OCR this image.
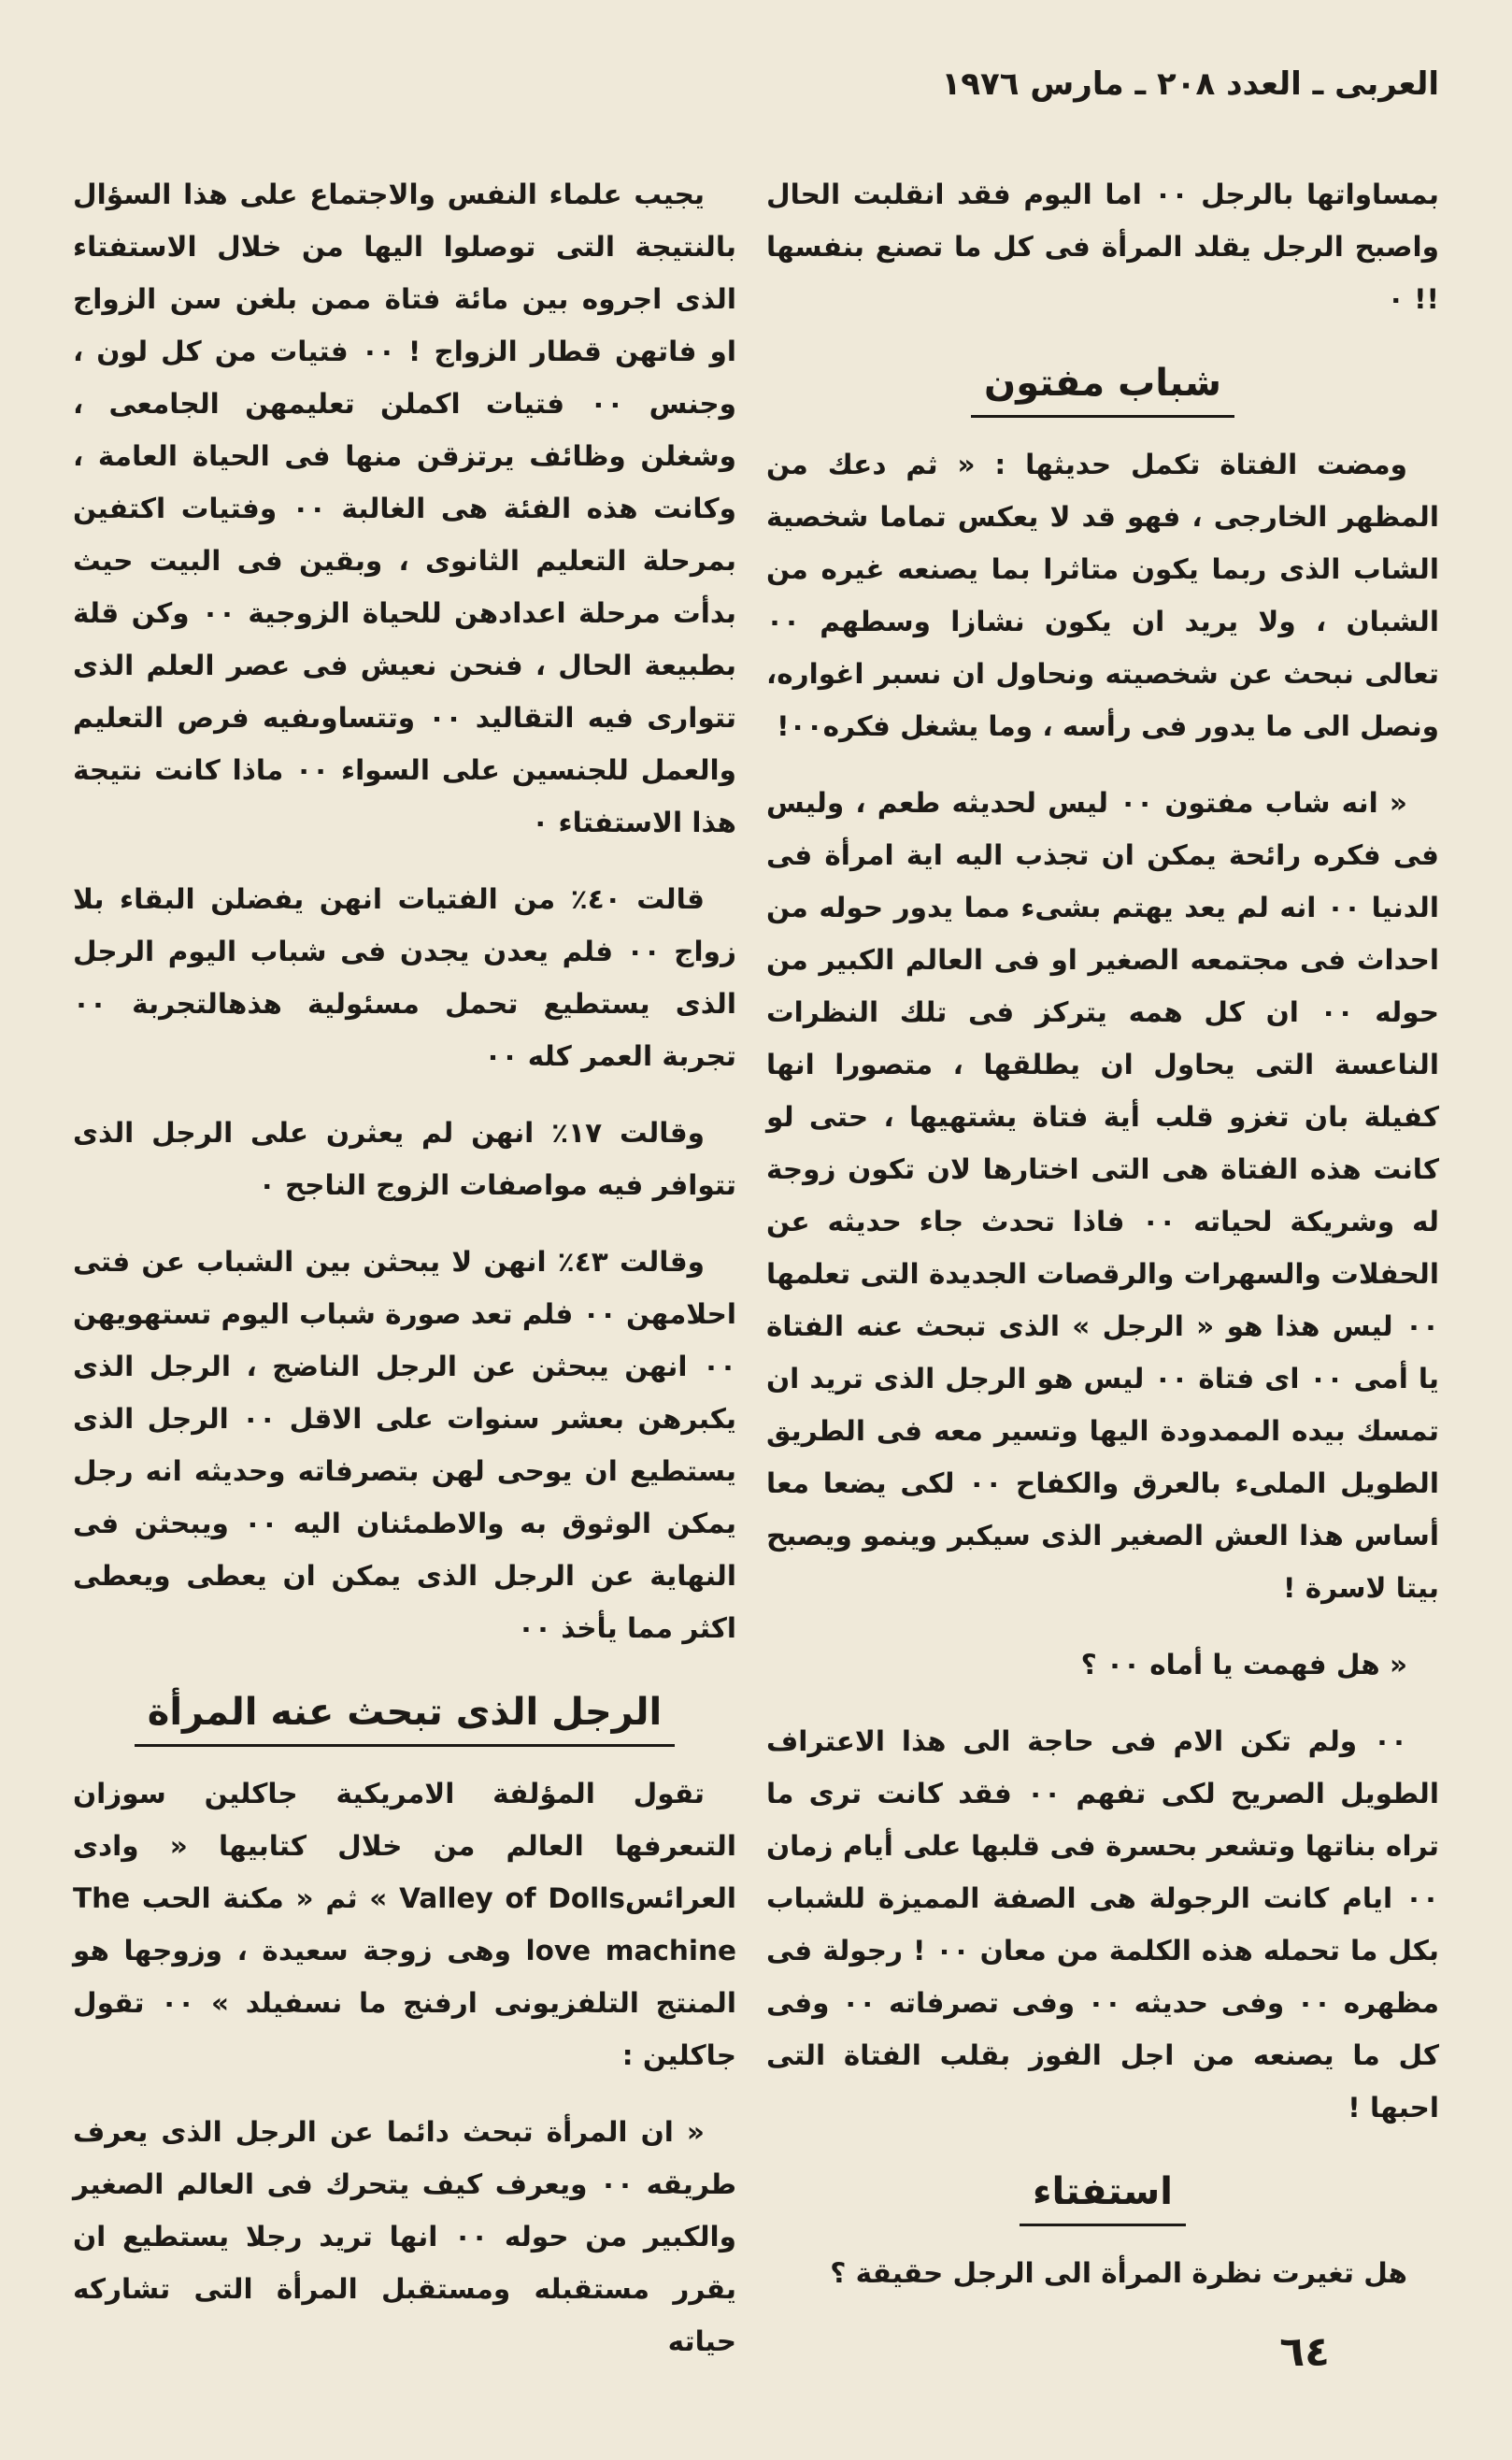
العربى ـ العدد ٢٠٨ ـ مارس ١٩٧٦

بمساواتها بالرجل ٠٠ اما اليوم فقد انقلبت الحال واصبح الرجل يقلد المرأة فى كل ما تصنع بنفسها !! ٠

شباب مفتون

ومضت الفتاة تكمل حديثها : « ثم دعك من المظهر الخارجى ، فهو قد لا يعكس تماما شخصية الشاب الذى ربما يكون متاثرا بما يصنعه غيره من الشبان ، ولا يريد ان يكون نشازا وسطهم ٠٠ تعالى نبحث عن شخصيته ونحاول ان نسبر اغواره، ونصل الى ما يدور فى رأسه ، وما يشغل فكره٠٠!

« انه شاب مفتون ٠٠ ليس لحديثه طعم ، وليس فى فكره رائحة يمكن ان تجذب اليه اية امرأة فى الدنيا ٠٠ انه لم يعد يهتم بشىء مما يدور حوله من احداث فى مجتمعه الصغير او فى العالم الكبير من حوله ٠٠ ان كل همه يتركز فى تلك النظرات الناعسة التى يحاول ان يطلقها ، متصورا انها كفيلة بان تغزو قلب أية فتاة يشتهيها ، حتى لو كانت هذه الفتاة هى التى اختارها لان تكون زوجة له وشريكة لحياته ٠٠ فاذا تحدث جاء حديثه عن الحفلات والسهرات والرقصات الجديدة التى تعلمها ٠٠ ليس هذا هو « الرجل » الذى تبحث عنه الفتاة يا أمى ٠٠ اى فتاة ٠٠ ليس هو الرجل الذى تريد ان تمسك بيده الممدودة اليها وتسير معه فى الطريق الطويل الملىء بالعرق والكفاح ٠٠ لكى يضعا معا أساس هذا العش الصغير الذى سيكبر وينمو ويصبح بيتا لاسرة !

« هل فهمت يا أماه ٠٠ ؟

٠٠ ولم تكن الام فى حاجة الى هذا الاعتراف الطويل الصريح لكى تفهم ٠٠ فقد كانت ترى ما تراه بناتها وتشعر بحسرة فى قلبها على أيام زمان ٠٠ ايام كانت الرجولة هى الصفة المميزة للشباب بكل ما تحمله هذه الكلمة من معان ٠٠ ! رجولة فى مظهره ٠٠ وفى حديثه ٠٠ وفى تصرفاته ٠٠ وفى كل ما يصنعه من اجل الفوز بقلب الفتاة التى احبها !

استفتاء

هل تغيرت نظرة المرأة الى الرجل حقيقة ؟

يجيب علماء النفس والاجتماع على هذا السؤال بالنتيجة التى توصلوا اليها من خلال الاستفتاء الذى اجروه بين مائة فتاة ممن بلغن سن الزواج او فاتهن قطار الزواج ! ٠٠ فتيات من كل لون ، وجنس ٠٠ فتيات اكملن تعليمهن الجامعى ، وشغلن وظائف يرتزقن منها فى الحياة العامة ، وكانت هذه الفئة هى الغالبة ٠٠ وفتيات اكتفين بمرحلة التعليم الثانوى ، وبقين فى البيت حيث بدأت مرحلة اعدادهن للحياة الزوجية ٠٠ وكن قلة بطبيعة الحال ، فنحن نعيش فى عصر العلم الذى تتوارى فيه التقاليد ٠٠ وتتساوىفيه فرص التعليم والعمل للجنسين على السواء ٠٠ ماذا كانت نتيجة هذا الاستفتاء ٠

قالت ٤٠٪ من الفتيات انهن يفضلن البقاء بلا زواج ٠٠ فلم يعدن يجدن فى شباب اليوم الرجل الذى يستطيع تحمل مسئولية هذهالتجربة ٠٠ تجربة العمر كله ٠٠

وقالت ١٧٪ انهن لم يعثرن على الرجل الذى تتوافر فيه مواصفات الزوج الناجح ٠

وقالت ٤٣٪ انهن لا يبحثن بين الشباب عن فتى احلامهن ٠٠ فلم تعد صورة شباب اليوم تستهويهن ٠٠ انهن يبحثن عن الرجل الناضج ، الرجل الذى يكبرهن بعشر سنوات على الاقل ٠٠ الرجل الذى يستطيع ان يوحى لهن بتصرفاته وحديثه انه رجل يمكن الوثوق به والاطمئنان اليه ٠٠ ويبحثن فى النهاية عن الرجل الذى يمكن ان يعطى ويعطى اكثر مما يأخذ ٠٠

الرجل الذى تبحث عنه المرأة

تقول المؤلفة الامريكية جاكلين سوزان التىعرفها العالم من خلال كتابيها « وادى العرائسValley of Dolls » ثم « مكنة الحب The love machine وهى زوجة سعيدة ، وزوجها هو المنتج التلفزيونى ارفنج ما نسفيلد » ٠٠ تقول جاكلين :

« ان المرأة تبحث دائما عن الرجل الذى يعرف طريقه ٠٠ ويعرف كيف يتحرك فى العالم الصغير والكبير من حوله ٠٠ انها تريد رجلا يستطيع ان يقرر مستقبله ومستقبل المرأة التى تشاركه حياته	٦٤
